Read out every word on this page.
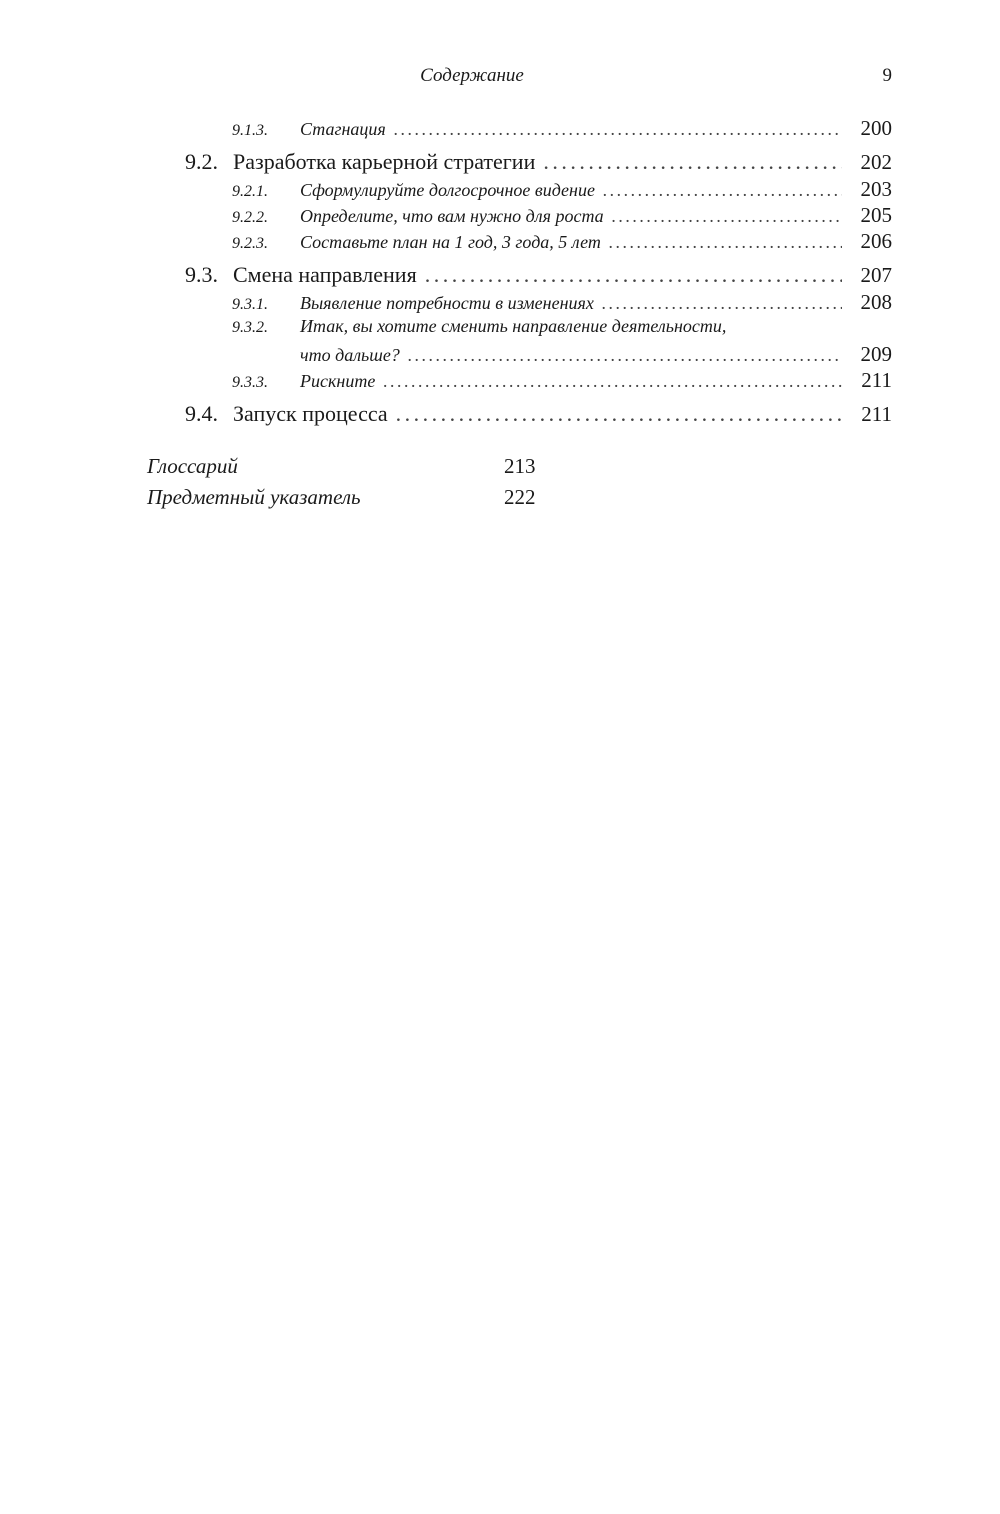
Содержание	9
9.1.3.	Стагнация . . .	200
9.2. Разработка карьерной стратегии . . .	202
9.2.1.	Сформулируйте долгосрочное видение . . .	203
9.2.2.	Определите, что вам нужно для роста . . .	205
9.2.3.	Составьте план на 1 год, 3 года, 5 лет . . .	206
9.3. Смена направления . . .	207
9.3.1.	Выявление потребности в изменениях . . .	208
9.3.2.	Итак, вы хотите сменить направление деятельности,
что дальше? . . .	209
9.3.3.	Рискните . . .	211
9.4. Запуск процесса . . .	211
Глоссарий	213
Предметный указатель	222
